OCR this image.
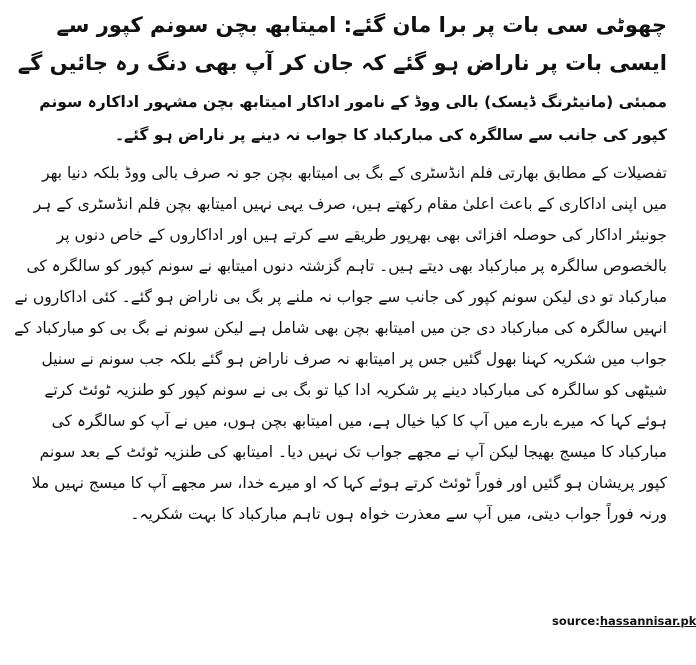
چھوٹی سی بات پر برا مان گئے: امیتابھ بچن سونم کپور سے ایسی بات پر ناراض ہو گئے کہ جان کر آپ بھی دنگ رہ جائیں گے

ممبئی (مانیٹرنگ ڈیسک) بالی ووڈ کے نامور اداکار امیتابھ بچن مشہور اداکارہ سونم کپور کی جانب سے سالگرہ کی مبارکباد کا جواب نہ دینے پر ناراض ہو گئے۔

تفصیلات کے مطابق بھارتی فلم انڈسٹری کے بگ بی امیتابھ بچن جو نہ صرف بالی ووڈ بلکہ دنیا بھر میں اپنی اداکاری کے باعث اعلیٰ مقام رکھتے ہیں، صرف یہی نہیں امیتابھ بچن فلم انڈسٹری کے ہر جونیئر اداکار کی حوصلہ افزائی بھی بھرپور طریقے سے کرتے ہیں اور اداکاروں کے خاص دنوں پر بالخصوص سالگرہ پر مبارکباد بھی دیتے ہیں۔ تاہم گزشتہ دنوں امیتابھ نے سونم کپور کو سالگرہ کی مبارکباد تو دی لیکن سونم کپور کی جانب سے جواب نہ ملنے پر بگ بی ناراض ہو گئے۔ کئی اداکاروں نے انہیں سالگرہ کی مبارکباد دی جن میں امیتابھ بچن بھی شامل ہے لیکن سونم نے بگ بی کو مبارکباد کے جواب میں شکریہ کہنا بھول گئیں جس پر امیتابھ نہ صرف ناراض ہو گئے بلکہ جب سونم نے سنیل شیٹھی کو سالگرہ کی مبارکباد دینے پر شکریہ ادا کیا تو بگ بی نے سونم کپور کو طنزیہ ٹوئٹ کرتے ہوئے کہا کہ میرے بارے میں آپ کا کیا خیال ہے، میں امیتابھ بچن ہوں، میں نے آپ کو سالگرہ کی مبارکباد کا میسج بھیجا لیکن آپ نے مجھے جواب تک نہیں دیا۔ امیتابھ کی طنزیہ ٹوئٹ کے بعد سونم کپور پریشان ہو گئیں اور فوراً ٹوئٹ کرتے ہوئے کہا کہ او میرے خدا، سر مجھے آپ کا میسج نہیں ملا ورنہ فوراً جواب دیتی، میں آپ سے معذرت خواہ ہوں تاہم مبارکباد کا بہت شکریہ۔

source:hassannisar.pk
